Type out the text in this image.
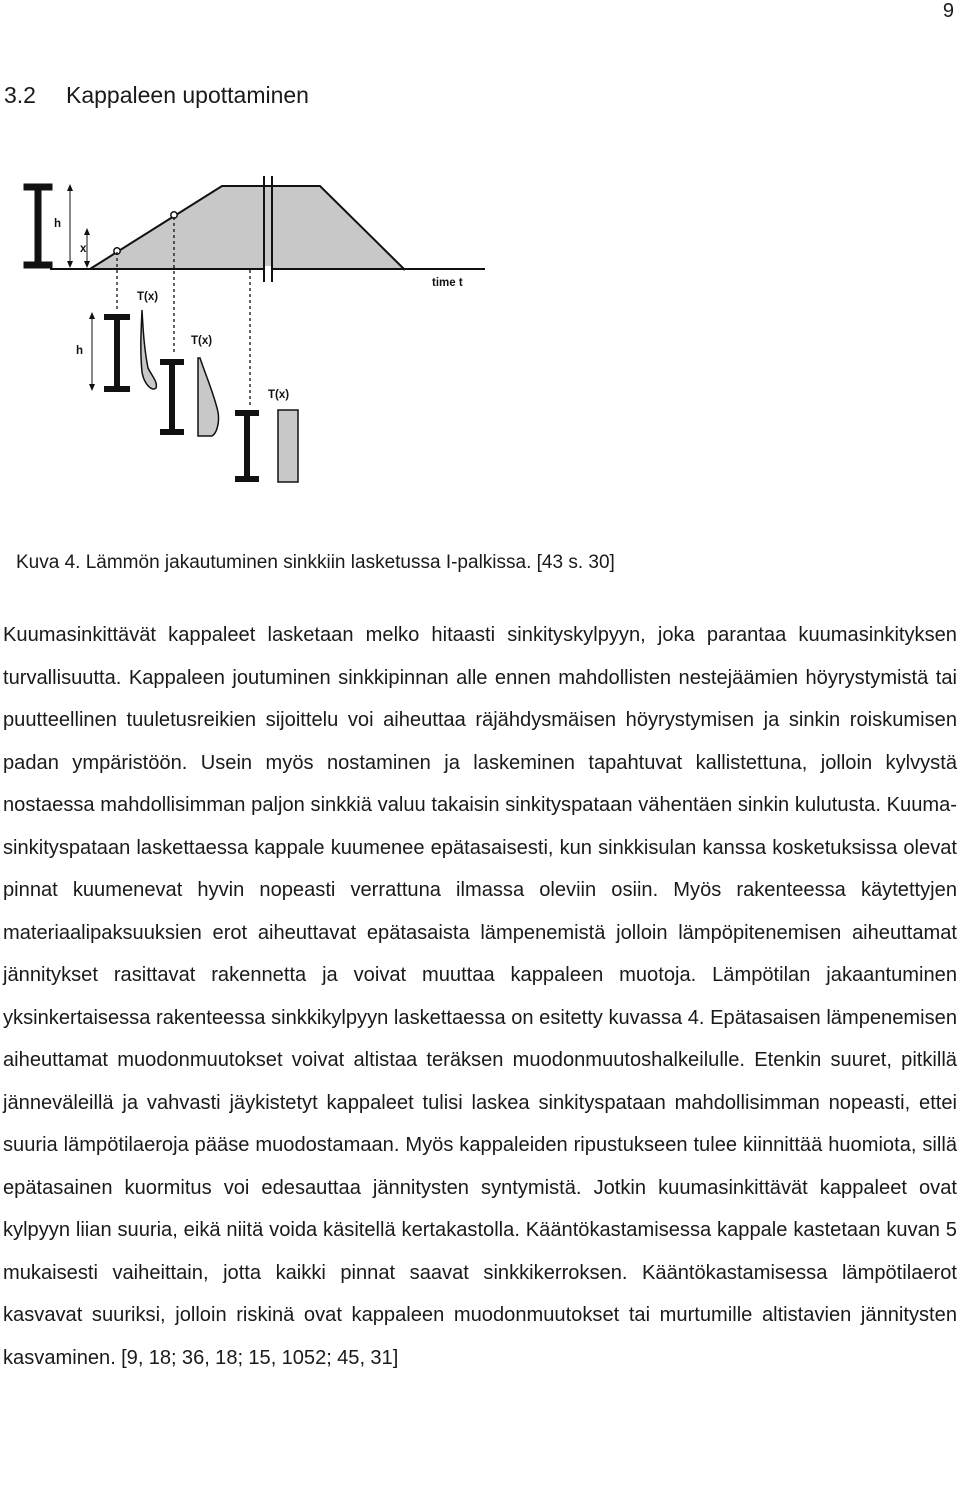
9
3.2 Kappaleen upottaminen
h
x
time t
h
T(x)
T(x)
T(x)

Kuva 4. Lämmön jakautuminen sinkkiin lasketussa I-palkissa. [43 s. 30]

Kuumasinkittävät kappaleet lasketaan melko hitaasti sinkityskylpyyn, joka parantaa kuumasinkityksen turvallisuutta. Kappaleen joutuminen sinkkipinnan alle ennen mahdollisten nestejäämien höyrystymistä tai puutteellinen tuuletusreikien sijoittelu voi aiheuttaa räjähdysmäisen höyrystymisen ja sinkin roiskumisen padan ympäristöön. Usein myös nostaminen ja laskeminen tapahtuvat kallistettuna, jolloin kylvystä nostaessa mahdollisimman paljon sinkkiä valuu takaisin sinkityspataan vähentäen sinkin kulutusta. Kuumasinkityspataan laskettaessa kappale kuumenee epätasaisesti, kun sinkkisulan kanssa kosketuksissa olevat pinnat kuumenevat hyvin nopeasti verrattuna ilmassa oleviin osiin. Myös rakenteessa käytettyjen materiaalipaksuuksien erot aiheuttavat epätasaista lämpenemistä jolloin lämpöpitenemisen aiheuttamat jännitykset rasittavat rakennetta ja voivat muuttaa kappaleen muotoja. Lämpötilan jakaantuminen yksinkertaisessa rakenteessa sinkkikylpyyn laskettaessa on esitetty kuvassa 4. Epätasaisen lämpenemisen aiheuttamat muodonmuutokset voivat altistaa teräksen muodonmuutoshalkeilulle. Etenkin suuret, pitkillä jänneväleillä ja vahvasti jäykistetyt kappaleet tulisi laskea sinkityspataan mahdollisimman nopeasti, ettei suuria lämpötilaeroja pääse muodostamaan. Myös kappaleiden ripustukseen tulee kiinnittää huomiota, sillä epätasainen kuormitus voi edesauttaa jännitysten syntymistä. Jotkin kuumasinkittävät kappaleet ovat kylpyyn liian suuria, eikä niitä voida käsitellä kertakastolla. Kääntökastamisessa kappale kastetaan kuvan 5 mukaisesti vaiheittain, jotta kaikki pinnat saavat sinkkikerroksen. Kääntökastamisessa lämpötilaerot kasvavat suuriksi, jolloin riskinä ovat kappaleen muodonmuutokset tai murtumille altistavien jännitysten kasvaminen. [9, 18; 36, 18; 15, 1052; 45, 31]
